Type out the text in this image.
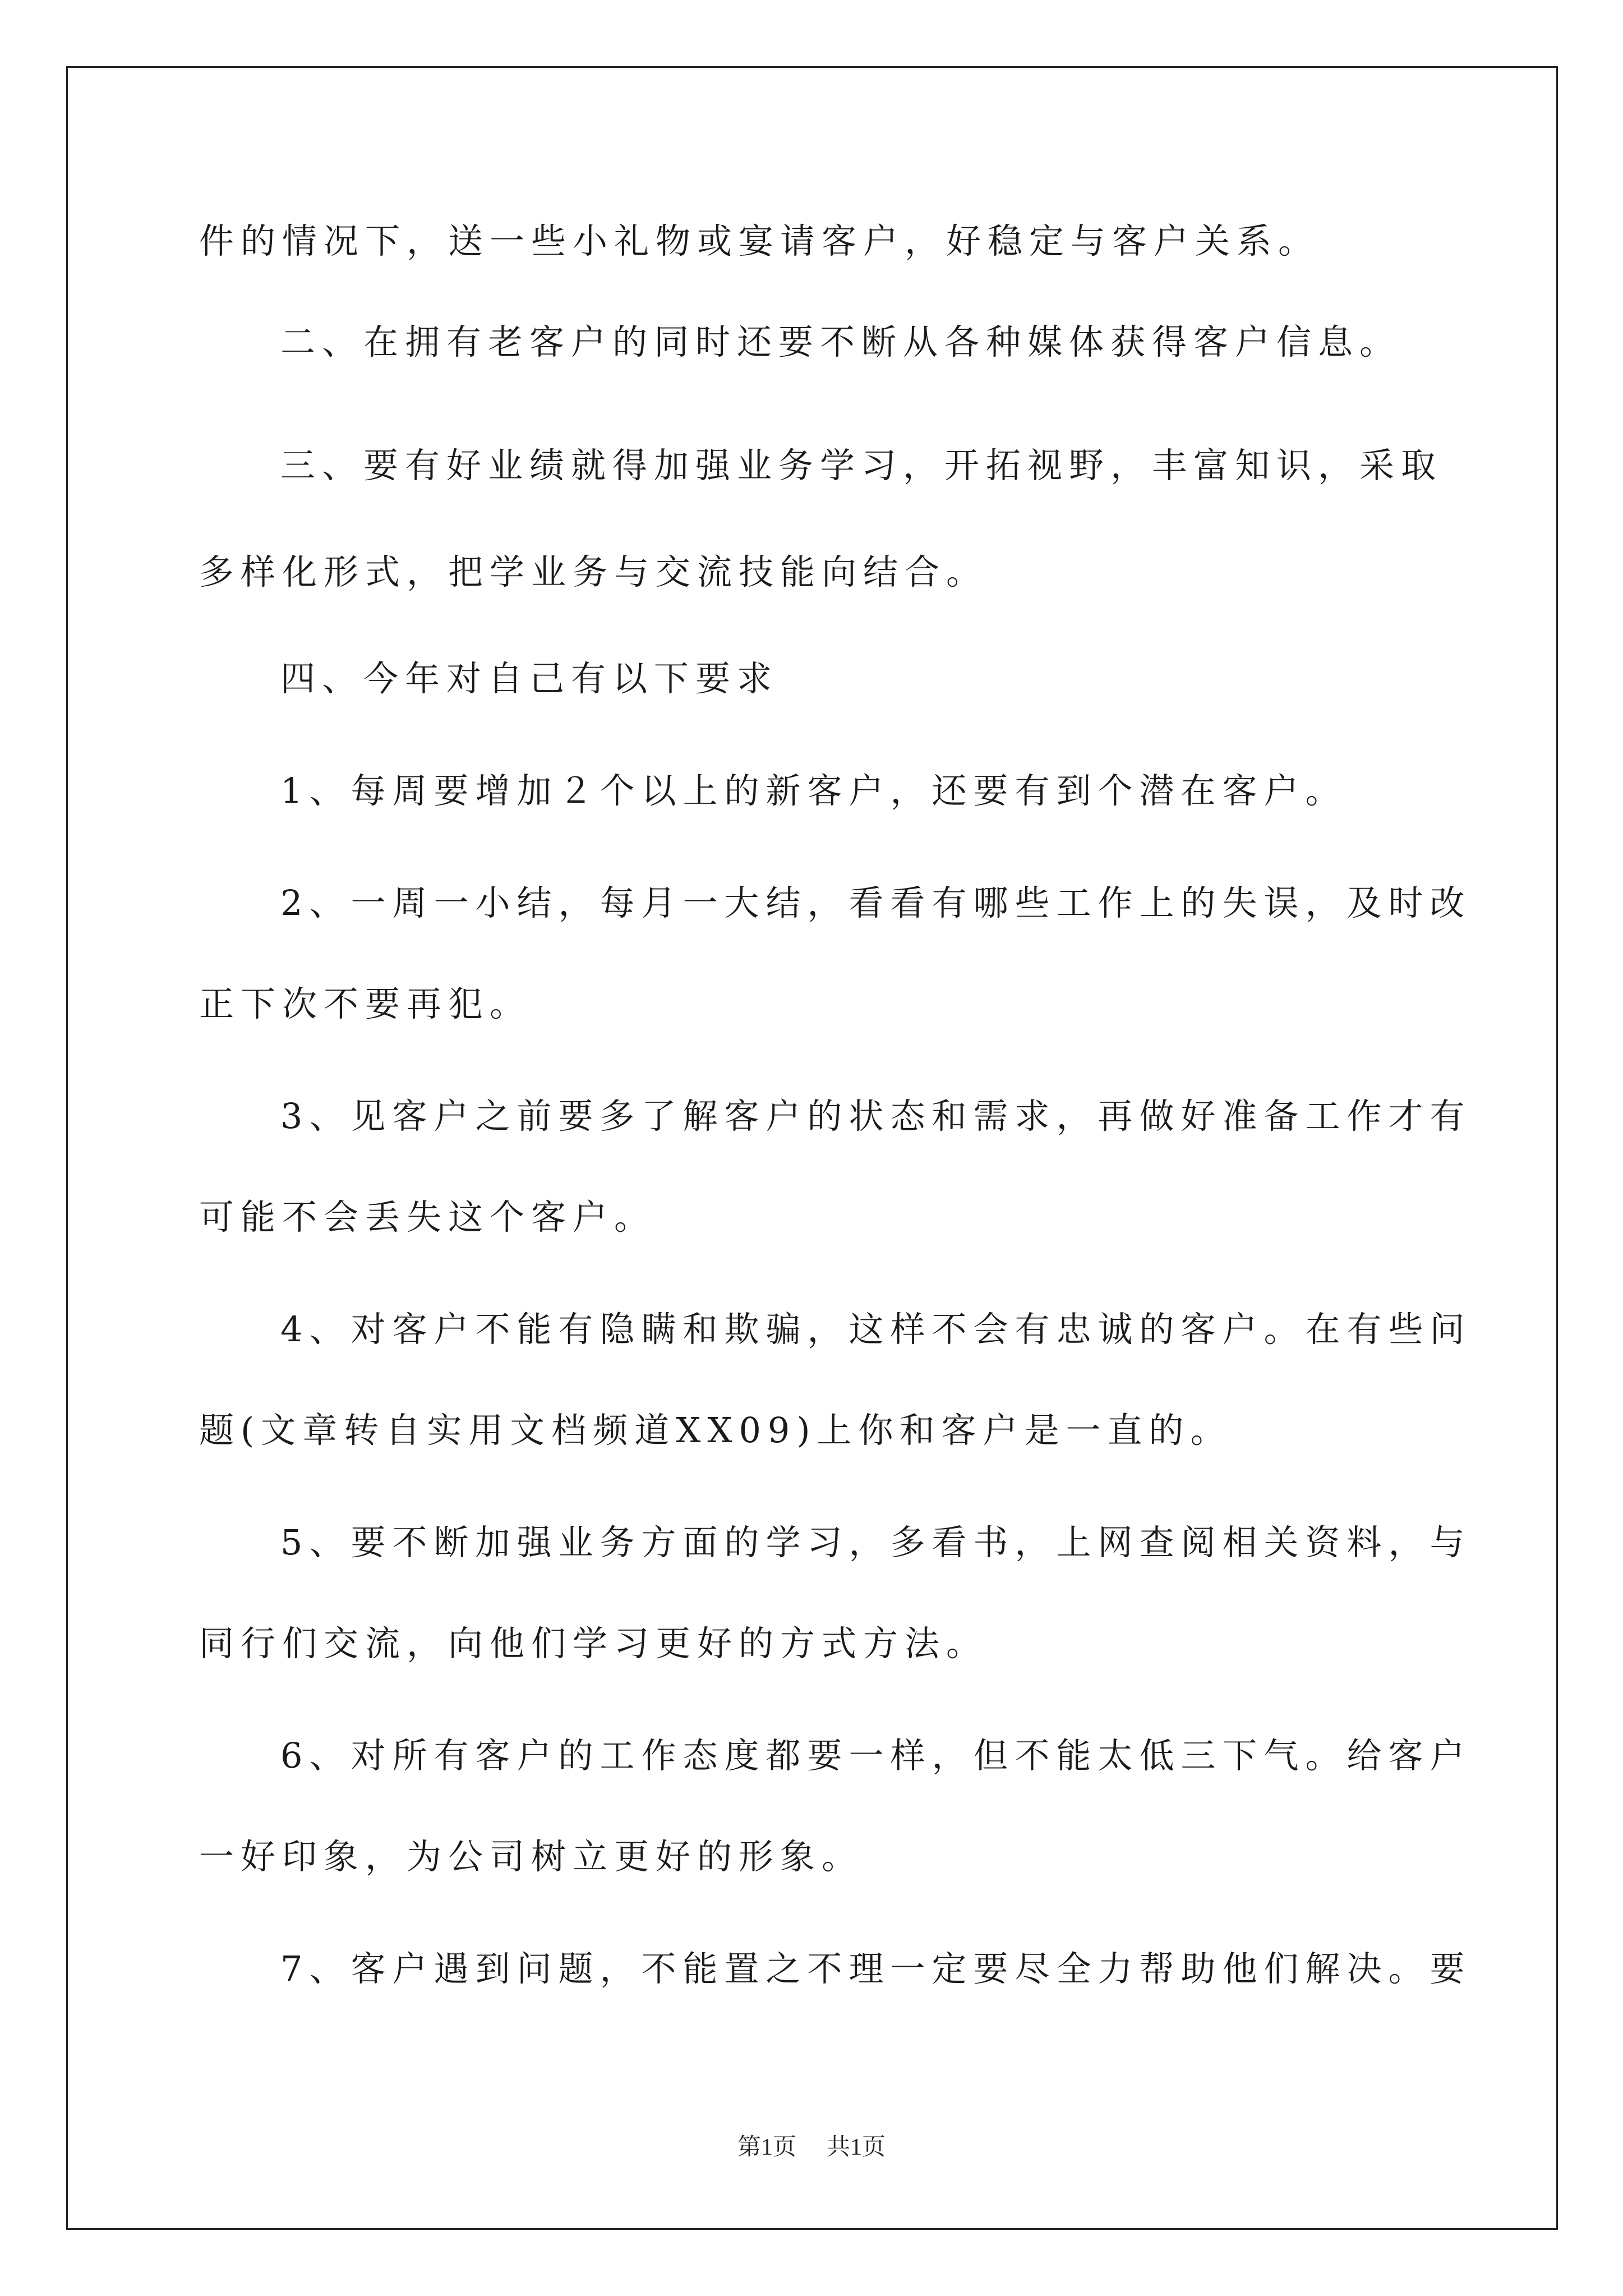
件的情况下，送一些小礼物或宴请客户，好稳定与客户关系。
二、在拥有老客户的同时还要不断从各种媒体获得客户信息。
三、要有好业绩就得加强业务学习，开拓视野，丰富知识，采取
多样化形式，把学业务与交流技能向结合。
四、今年对自己有以下要求
1、每周要增加２个以上的新客户，还要有到个潜在客户。
2、一周一小结，每月一大结，看看有哪些工作上的失误，及时改
正下次不要再犯。
3、见客户之前要多了解客户的状态和需求，再做好准备工作才有
可能不会丢失这个客户。
4、对客户不能有隐瞒和欺骗，这样不会有忠诚的客户。在有些问
题(文章转自实用文档频道XX09)上你和客户是一直的。
5、要不断加强业务方面的学习，多看书，上网查阅相关资料，与
同行们交流，向他们学习更好的方式方法。
6、对所有客户的工作态度都要一样，但不能太低三下气。给客户
一好印象，为公司树立更好的形象。
7、客户遇到问题，不能置之不理一定要尽全力帮助他们解决。要
第1页 共1页
